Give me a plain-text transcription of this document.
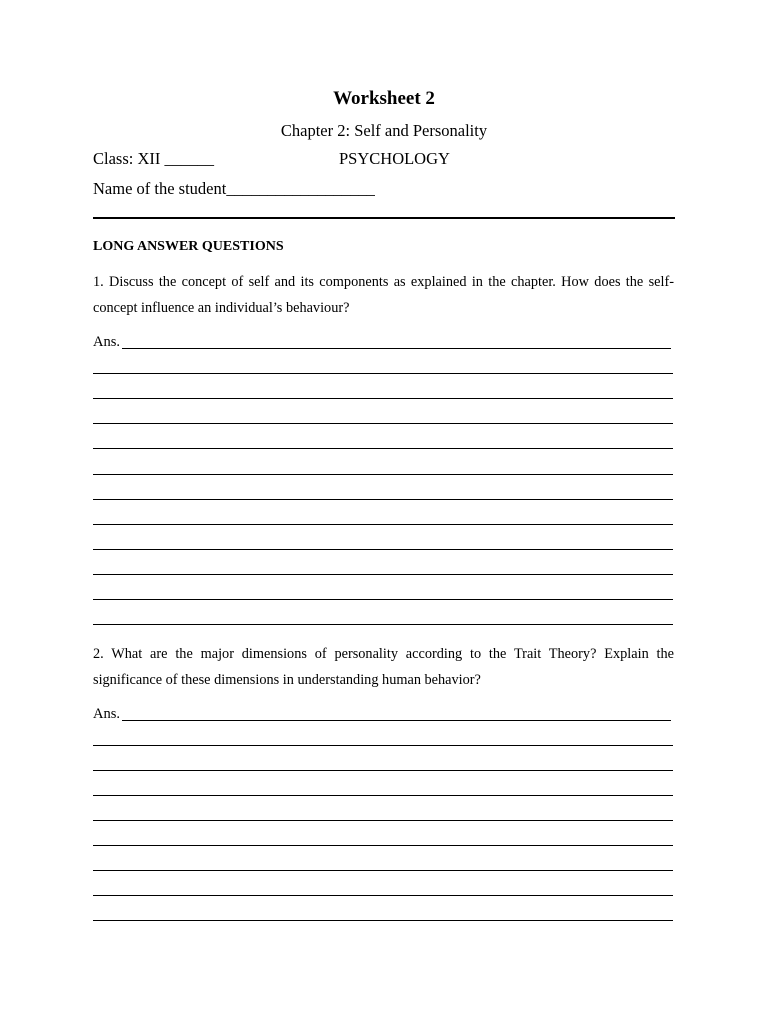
Worksheet 2
Chapter 2: Self and Personality
Class: XII ______	PSYCHOLOGY
Name of the student__________________
LONG ANSWER QUESTIONS
1. Discuss the concept of self and its components as explained in the chapter. How does the self-concept influence an individual’s behaviour?
Ans.
2. What are the major dimensions of personality according to the Trait Theory? Explain the significance of these dimensions in understanding human behavior?
Ans.
